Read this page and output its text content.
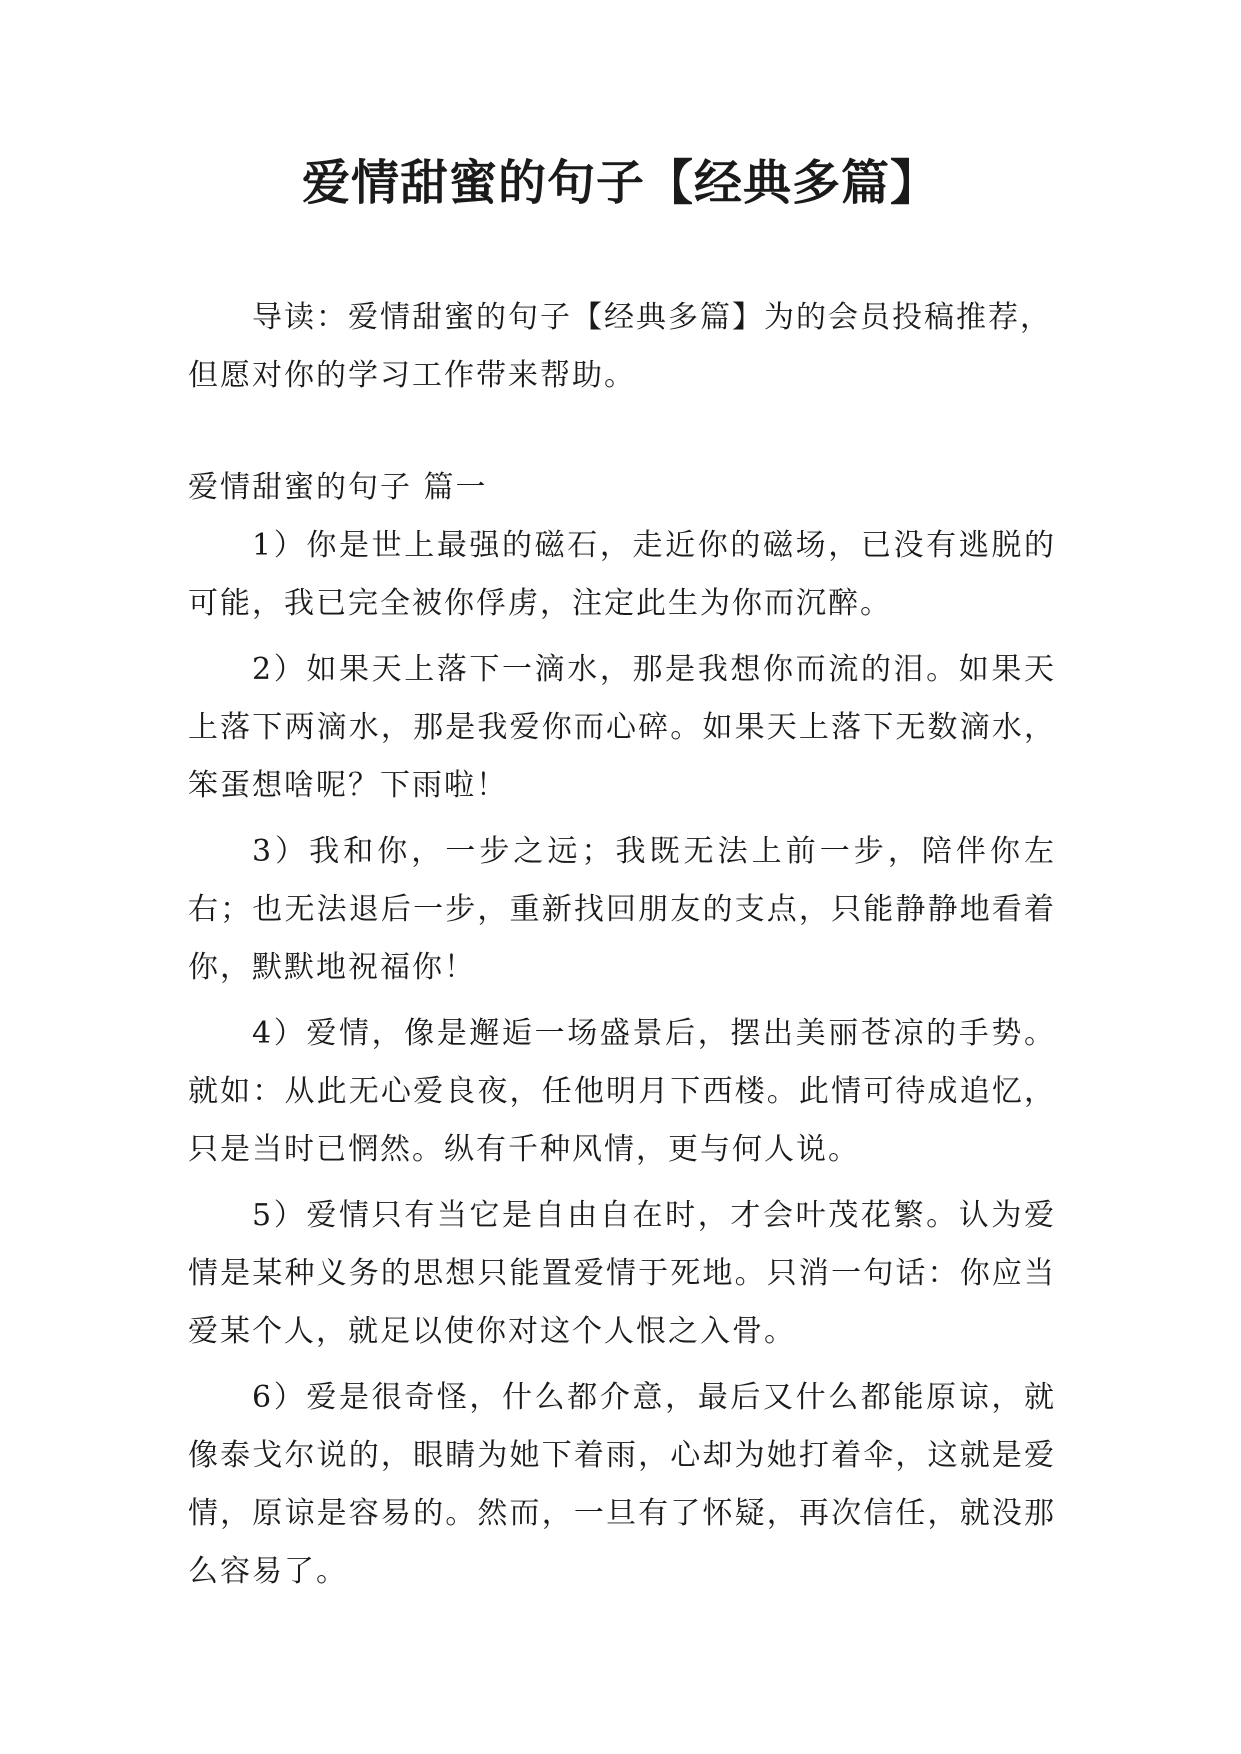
爱情甜蜜的句子【经典多篇】

导读：爱情甜蜜的句子【经典多篇】为的会员投稿推荐，但愿对你的学习工作带来帮助。

爱情甜蜜的句子 篇一

1）你是世上最强的磁石，走近你的磁场，已没有逃脱的可能，我已完全被你俘虏，注定此生为你而沉醉。

2）如果天上落下一滴水，那是我想你而流的泪。如果天上落下两滴水，那是我爱你而心碎。如果天上落下无数滴水，笨蛋想啥呢？下雨啦！

3）我和你，一步之远；我既无法上前一步，陪伴你左右；也无法退后一步，重新找回朋友的支点，只能静静地看着你，默默地祝福你！

4）爱情，像是邂逅一场盛景后，摆出美丽苍凉的手势。就如：从此无心爱良夜，任他明月下西楼。此情可待成追忆，只是当时已惘然。纵有千种风情，更与何人说。

5）爱情只有当它是自由自在时，才会叶茂花繁。认为爱情是某种义务的思想只能置爱情于死地。只消一句话：你应当爱某个人，就足以使你对这个人恨之入骨。

6）爱是很奇怪，什么都介意，最后又什么都能原谅，就像泰戈尔说的，眼睛为她下着雨，心却为她打着伞，这就是爱情，原谅是容易的。然而，一旦有了怀疑，再次信任，就没那么容易了。
